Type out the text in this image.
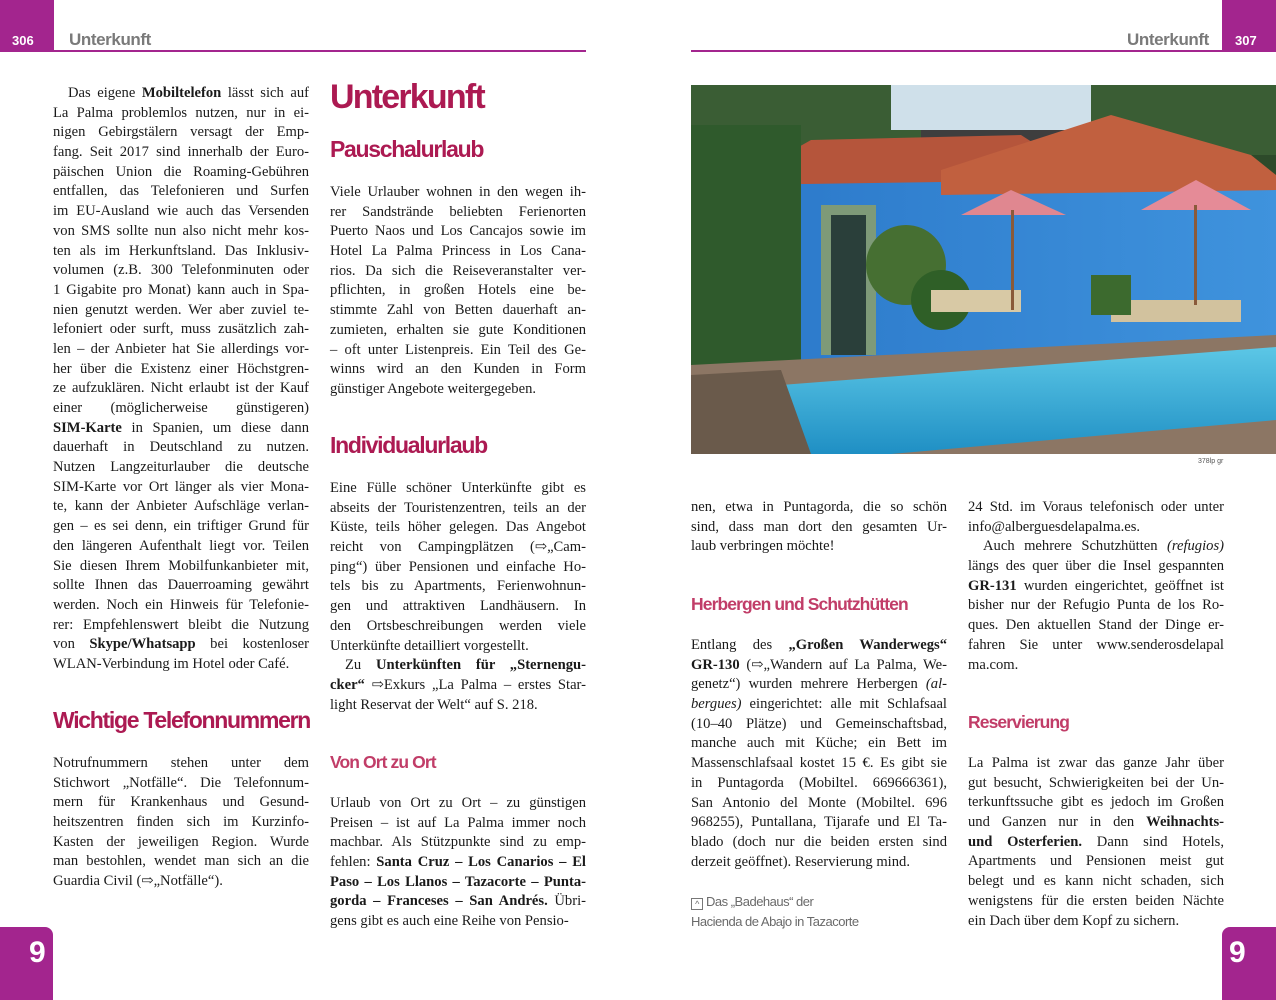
306 Unterkunft
Das eigene Mobiltelefon lässt sich auf
La Palma problemlos nutzen, nur in ei-
nigen Gebirgstälern versagt der Emp-
fang. Seit 2017 sind innerhalb der Euro-
päischen Union die Roaming-Gebühren
entfallen, das Telefonieren und Surfen
im EU-Ausland wie auch das Versenden
von SMS sollte nun also nicht mehr kos-
ten als im Herkunftsland. Das Inklusiv-
volumen (z.B. 300 Telefonminuten oder
1 Gigabite pro Monat) kann auch in Spa-
nien genutzt werden. Wer aber zuviel te-
lefoniert oder surft, muss zusätzlich zah-
len – der Anbieter hat Sie allerdings vor-
her über die Existenz einer Höchstgren-
ze aufzuklären. Nicht erlaubt ist der Kauf
einer (möglicherweise günstigeren)
SIM-Karte in Spanien, um diese dann
dauerhaft in Deutschland zu nutzen.
Nutzen Langzeiturlauber die deutsche
SIM-Karte vor Ort länger als vier Mona-
te, kann der Anbieter Aufschläge verlan-
gen – es sei denn, ein triftiger Grund für
den längeren Aufenthalt liegt vor. Teilen
Sie diesen Ihrem Mobilfunkanbieter mit,
sollte Ihnen das Dauerroaming gewährt
werden. Noch ein Hinweis für Telefonie-
rer: Empfehlenswert bleibt die Nutzung
von Skype/Whatsapp bei kostenloser
WLAN-Verbindung im Hotel oder Café.
Wichtige Telefonnummern
Notrufnummern stehen unter dem
Stichwort „Notfälle“. Die Telefonnum-
mern für Krankenhaus und Gesund-
heitszentren finden sich im Kurzinfo-
Kasten der jeweiligen Region. Wurde
man bestohlen, wendet man sich an die
Guardia Civil (⇨„Notfälle“).
Unterkunft
Pauschalurlaub
Viele Urlauber wohnen in den wegen ih-
rer Sandstrände beliebten Ferienorten
Puerto Naos und Los Cancajos sowie im
Hotel La Palma Princess in Los Cana-
rios. Da sich die Reiseveranstalter ver-
pflichten, in großen Hotels eine be-
stimmte Zahl von Betten dauerhaft an-
zumieten, erhalten sie gute Konditionen
– oft unter Listenpreis. Ein Teil des Ge-
winns wird an den Kunden in Form
günstiger Angebote weitergegeben.
Individualurlaub
Eine Fülle schöner Unterkünfte gibt es
abseits der Touristenzentren, teils an der
Küste, teils höher gelegen. Das Angebot
reicht von Campingplätzen (⇨„Cam-
ping“) über Pensionen und einfache Ho-
tels bis zu Apartments, Ferienwohnun-
gen und attraktiven Landhäusern. In
den Ortsbeschreibungen werden viele
Unterkünfte detailliert vorgestellt.
Zu Unterkünften für „Sternengu-
cker“ ⇨Exkurs „La Palma – erstes Star-
light Reservat der Welt“ auf S. 218.
Von Ort zu Ort
Urlaub von Ort zu Ort – zu günstigen
Preisen – ist auf La Palma immer noch
machbar. Als Stützpunkte sind zu emp-
fehlen: Santa Cruz – Los Canarios – El
Paso – Los Llanos – Tazacorte – Punta-
gorda – Franceses – San Andrés. Übri-
gens gibt es auch eine Reihe von Pensio-
9
Unterkunft 307
378lp gr
nen, etwa in Puntagorda, die so schön
sind, dass man dort den gesamten Ur-
laub verbringen möchte!
Herbergen und Schutzhütten
Entlang des „Großen Wanderwegs“
GR-130 (⇨„Wandern auf La Palma, We-
genetz“) wurden mehrere Herbergen (al-
bergues) eingerichtet: alle mit Schlafsaal
(10–40 Plätze) und Gemeinschaftsbad,
manche auch mit Küche; ein Bett im
Massenschlafsaal kostet 15 €. Es gibt sie
in Puntagorda (Mobiltel. 669666361),
San Antonio del Monte (Mobiltel. 696
968255), Puntallana, Tijarafe und El Ta-
blado (doch nur die beiden ersten sind
derzeit geöffnet). Reservierung mind.
^ Das „Badehaus“ der
Hacienda de Abajo in Tazacorte
24 Std. im Voraus telefonisch oder unter
info@alberguesdelapalma.es.
Auch mehrere Schutzhütten (refugios)
längs des quer über die Insel gespannten
GR-131 wurden eingerichtet, geöffnet ist
bisher nur der Refugio Punta de los Ro-
ques. Den aktuellen Stand der Dinge er-
fahren Sie unter www.senderosdelapal
ma.com.
Reservierung
La Palma ist zwar das ganze Jahr über
gut besucht, Schwierigkeiten bei der Un-
terkunftssuche gibt es jedoch im Großen
und Ganzen nur in den Weihnachts-
und Osterferien. Dann sind Hotels,
Apartments und Pensionen meist gut
belegt und es kann nicht schaden, sich
wenigstens für die ersten beiden Nächte
ein Dach über dem Kopf zu sichern.
9
